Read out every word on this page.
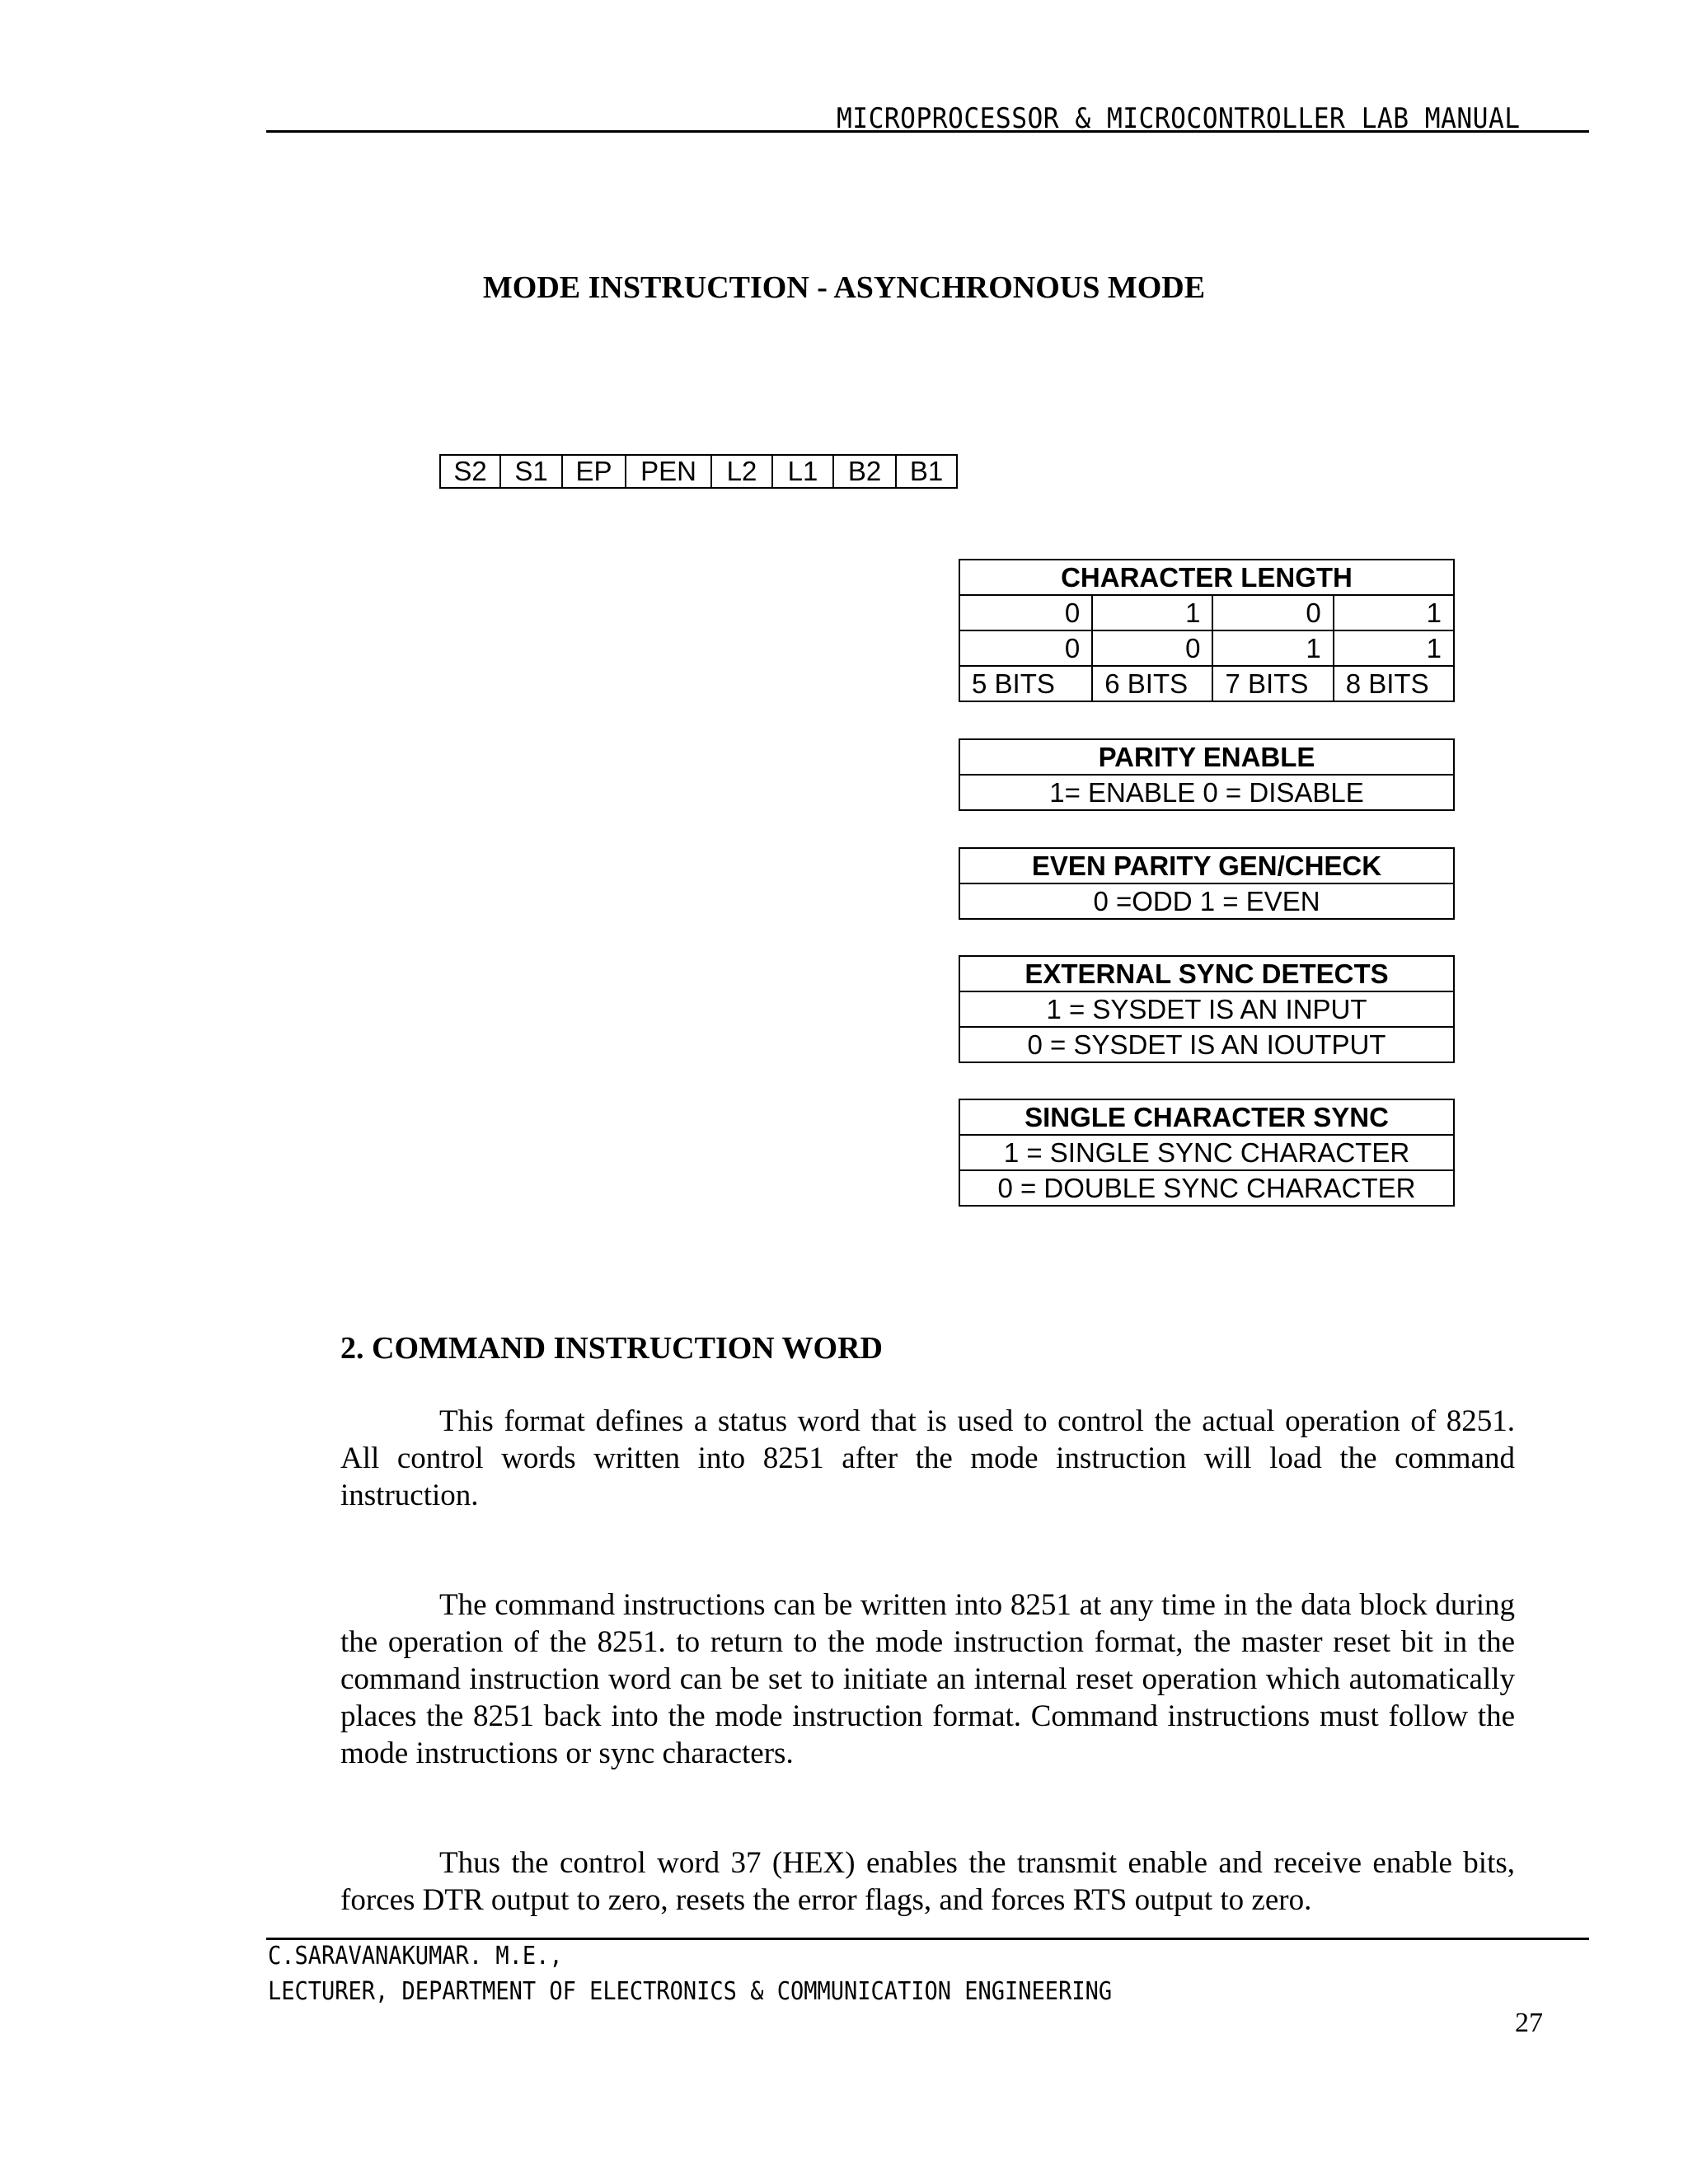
MICROPROCESSOR & MICROCONTROLLER LAB MANUAL
MODE INSTRUCTION - ASYNCHRONOUS MODE
S2	S1	EP	PEN	L2	L1	B2	B1
CHARACTER LENGTH			
0	1	0	1
0	0	1	1
5 BITS	6 BITS	7 BITS	8 BITS
PARITY ENABLE
1= ENABLE 0 = DISABLE
EVEN PARITY GEN/CHECK
0 =ODD 1 = EVEN
EXTERNAL SYNC DETECTS
1 = SYSDET IS AN INPUT
0 = SYSDET IS AN IOUTPUT
SINGLE CHARACTER SYNC
1 = SINGLE SYNC CHARACTER
0 = DOUBLE SYNC CHARACTER
2. COMMAND INSTRUCTION WORD
This format defines a status word that is used to control the actual operation of 8251. All control words written into 8251 after the mode instruction will load the command instruction.
The command instructions can be written into 8251 at any time in the data block during the operation of the 8251. to return to the mode instruction format, the master reset bit in the command instruction word can be set to initiate an internal reset operation which automatically places the 8251 back into the mode instruction format. Command instructions must follow the mode instructions or sync characters.
Thus the control word 37 (HEX) enables the transmit enable and receive enable bits, forces DTR output to zero, resets the error flags, and forces RTS output to zero.
C.SARAVANAKUMAR. M.E.,
LECTURER, DEPARTMENT OF ELECTRONICS & COMMUNICATION ENGINEERING
27
